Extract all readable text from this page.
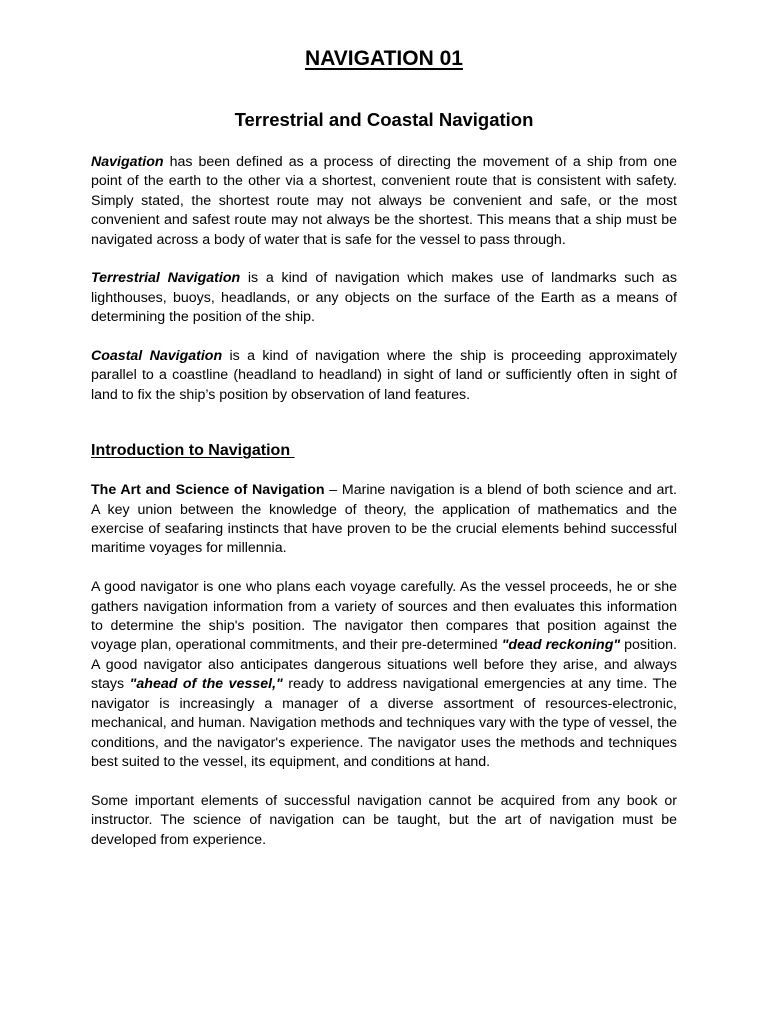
NAVIGATION 01
Terrestrial and Coastal Navigation

Navigation has been defined as a process of directing the movement of a ship from one point of the earth to the other via a shortest, convenient route that is consistent with safety. Simply stated, the shortest route may not always be convenient and safe, or the most convenient and safest route may not always be the shortest. This means that a ship must be navigated across a body of water that is safe for the vessel to pass through.

Terrestrial Navigation is a kind of navigation which makes use of landmarks such as lighthouses, buoys, headlands, or any objects on the surface of the Earth as a means of determining the position of the ship.

Coastal Navigation is a kind of navigation where the ship is proceeding approximately parallel to a coastline (headland to headland) in sight of land or sufficiently often in sight of land to fix the ship’s position by observation of land features.

Introduction to Navigation

The Art and Science of Navigation – Marine navigation is a blend of both science and art. A key union between the knowledge of theory, the application of mathematics and the exercise of seafaring instincts that have proven to be the crucial elements behind successful maritime voyages for millennia.

A good navigator is one who plans each voyage carefully. As the vessel proceeds, he or she gathers navigation information from a variety of sources and then evaluates this information to determine the ship's position. The navigator then compares that position against the voyage plan, operational commitments, and their pre-determined "dead reckoning" position. A good navigator also anticipates dangerous situations well before they arise, and always stays "ahead of the vessel," ready to address navigational emergencies at any time. The navigator is increasingly a manager of a diverse assortment of resources-electronic, mechanical, and human. Navigation methods and techniques vary with the type of vessel, the conditions, and the navigator's experience. The navigator uses the methods and techniques best suited to the vessel, its equipment, and conditions at hand.

Some important elements of successful navigation cannot be acquired from any book or instructor. The science of navigation can be taught, but the art of navigation must be developed from experience.
